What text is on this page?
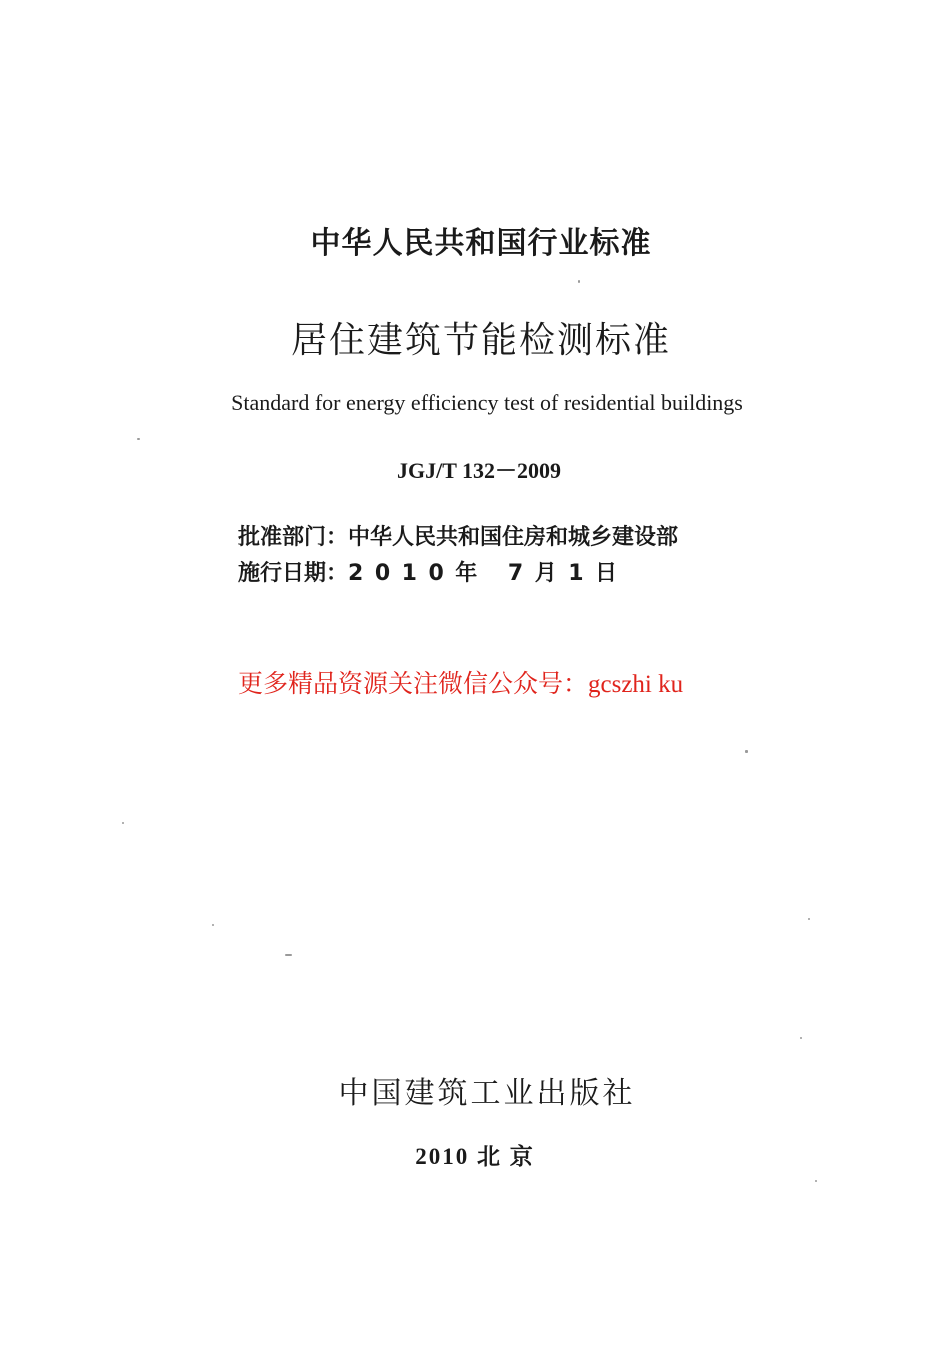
中华人民共和国行业标准
居住建筑节能检测标准
Standard for energy efficiency test of residential buildings
JGJ/T 132－2009
批准部门：中华人民共和国住房和城乡建设部
施行日期：2010年 7月1日
更多精品资源关注微信公众号：gcszhi ku
中国建筑工业出版社
2010 北 京
